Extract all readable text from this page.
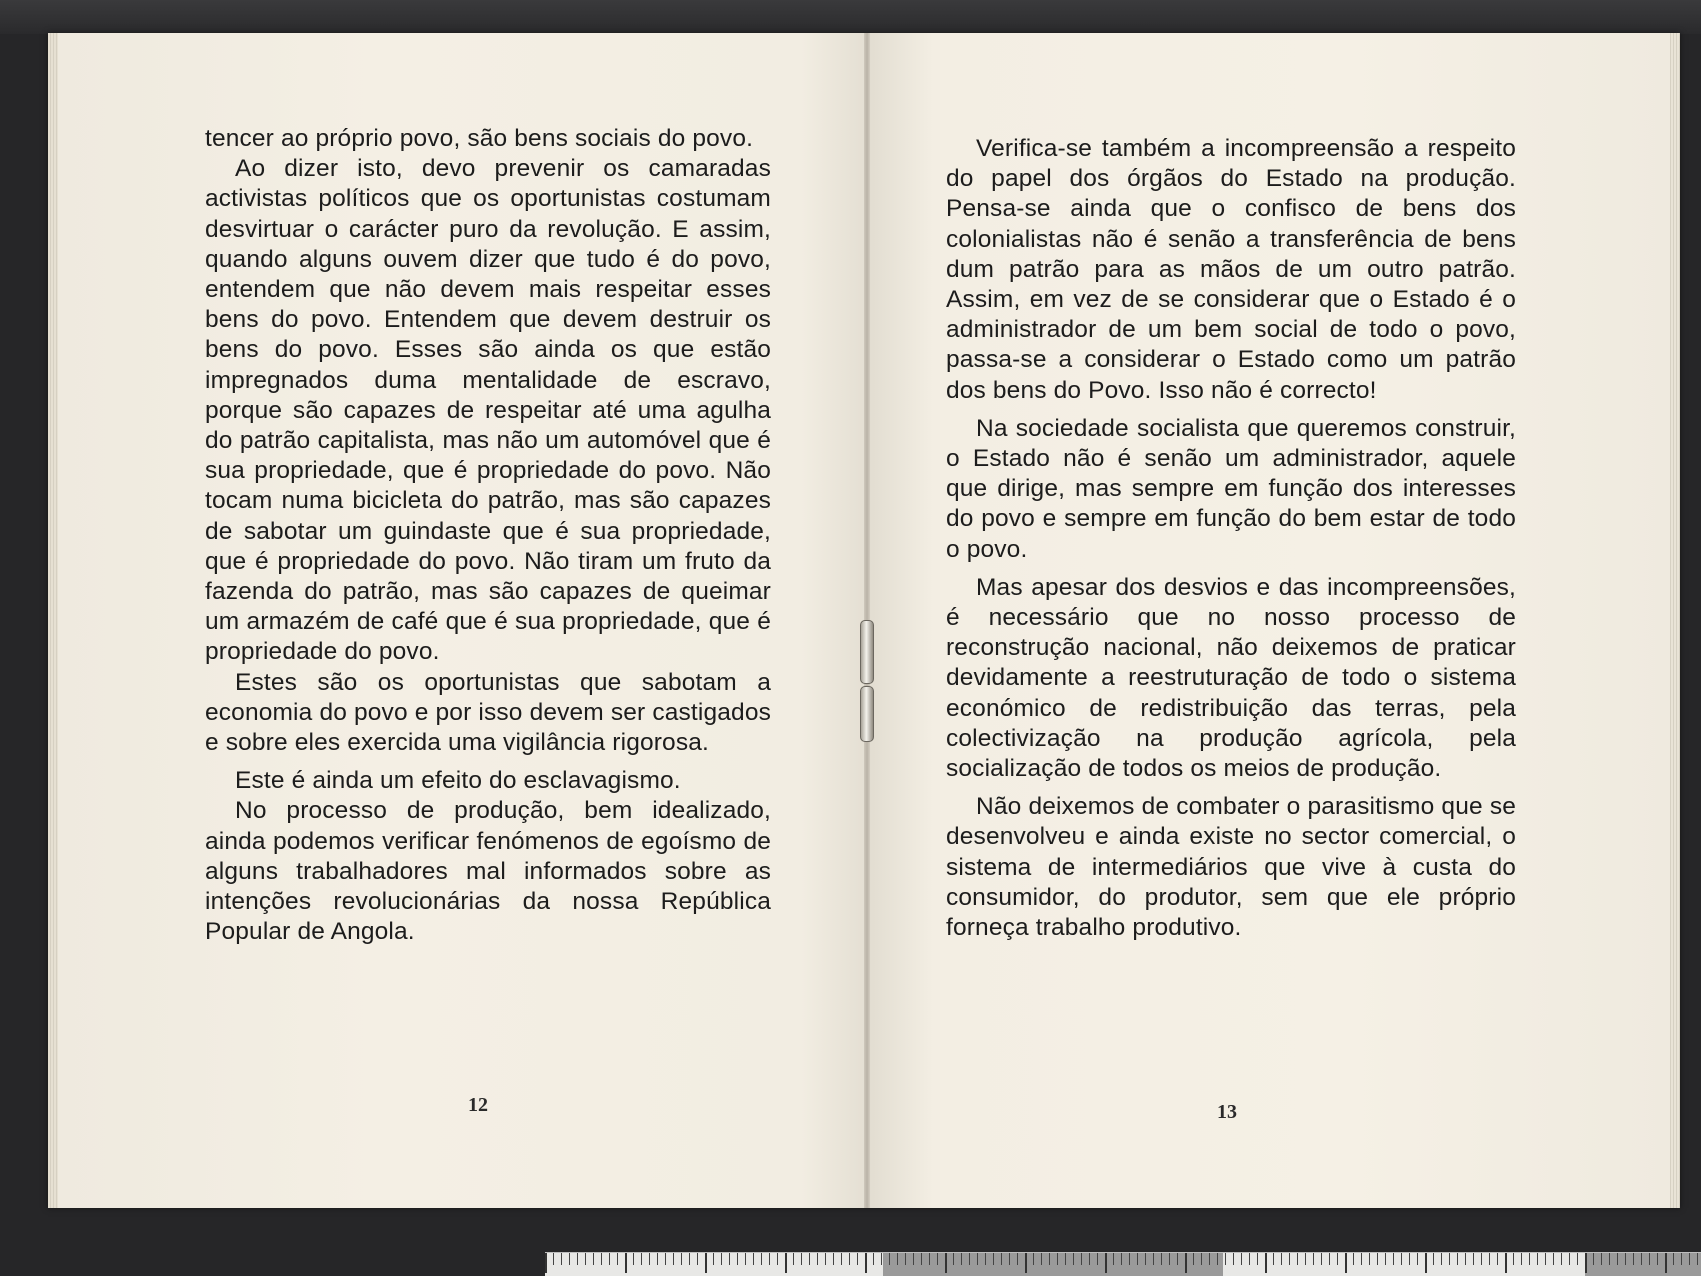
tencer ao próprio povo, são bens sociais do povo.

Ao dizer isto, devo prevenir os camaradas activistas políticos que os oportunistas costumam desvirtuar o carácter puro da revolução. E assim, quando alguns ouvem dizer que tudo é do povo, entendem que não devem mais respeitar esses bens do povo. Entendem que devem destruir os bens do povo. Esses são ainda os que estão impregnados duma mentalidade de escravo, porque são capazes de respeitar até uma agulha do patrão capitalista, mas não um automóvel que é sua propriedade, que é propriedade do povo. Não tocam numa bicicleta do patrão, mas são capazes de sabotar um guindaste que é sua propriedade, que é propriedade do povo. Não tiram um fruto da fazenda do patrão, mas são capazes de queimar um armazém de café que é sua propriedade, que é propriedade do povo.

Estes são os oportunistas que sabotam a economia do povo e por isso devem ser castigados e sobre eles exercida uma vigilância rigorosa.

Este é ainda um efeito do esclavagismo.

No processo de produção, bem idealizado, ainda podemos verificar fenómenos de egoísmo de alguns trabalhadores mal informados sobre as intenções revolucionárias da nossa República Popular de Angola.

12

Verifica-se também a incompreensão a respeito do papel dos órgãos do Estado na produção. Pensa-se ainda que o confisco de bens dos colonialistas não é senão a transferência de bens dum patrão para as mãos de um outro patrão. Assim, em vez de se considerar que o Estado é o administrador de um bem social de todo o povo, passa-se a considerar o Estado como um patrão dos bens do Povo. Isso não é correcto!

Na sociedade socialista que queremos construir, o Estado não é senão um administrador, aquele que dirige, mas sempre em função dos interesses do povo e sempre em função do bem estar de todo o povo.

Mas apesar dos desvios e das incompreensões, é necessário que no nosso processo de reconstrução nacional, não deixemos de praticar devidamente a reestruturação de todo o sistema económico de redistribuição das terras, pela colectivização na produção agrícola, pela socialização de todos os meios de produção.

Não deixemos de combater o parasitismo que se desenvolveu e ainda existe no sector comercial, o sistema de intermediários que vive à custa do consumidor, do produtor, sem que ele próprio forneça trabalho produtivo.

13
